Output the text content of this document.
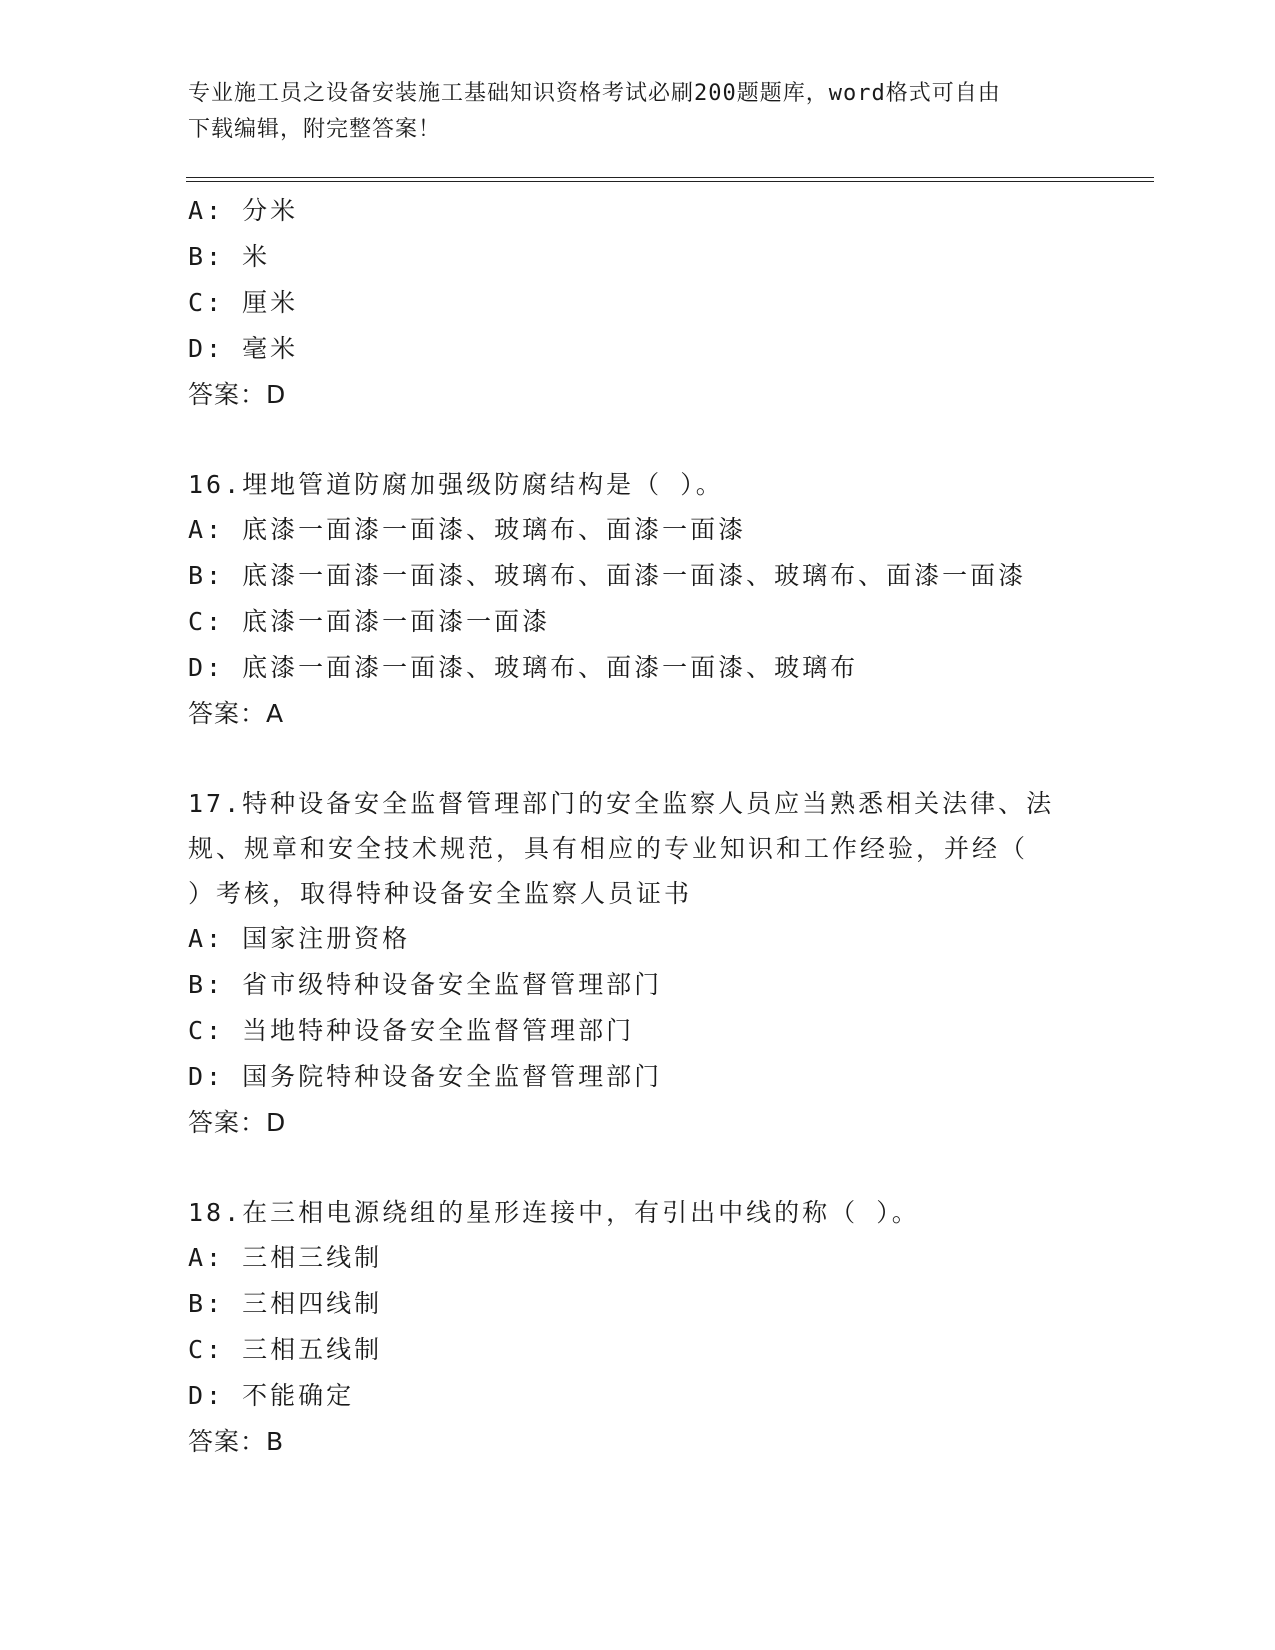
专业施工员之设备安装施工基础知识资格考试必刷200题题库，word格式可自由
下载编辑，附完整答案！
A: 分米
B: 米
C: 厘米
D: 毫米
答案：D
16.埋地管道防腐加强级防腐结构是（ ）。
A: 底漆一面漆一面漆、玻璃布、面漆一面漆
B: 底漆一面漆一面漆、玻璃布、面漆一面漆、玻璃布、面漆一面漆
C: 底漆一面漆一面漆一面漆
D: 底漆一面漆一面漆、玻璃布、面漆一面漆、玻璃布
答案：A
17.特种设备安全监督管理部门的安全监察人员应当熟悉相关法律、法
规、规章和安全技术规范，具有相应的专业知识和工作经验，并经（
）考核，取得特种设备安全监察人员证书
A: 国家注册资格
B: 省市级特种设备安全监督管理部门
C: 当地特种设备安全监督管理部门
D: 国务院特种设备安全监督管理部门
答案：D
18.在三相电源绕组的星形连接中，有引出中线的称（ ）。
A: 三相三线制
B: 三相四线制
C: 三相五线制
D: 不能确定
答案：B
